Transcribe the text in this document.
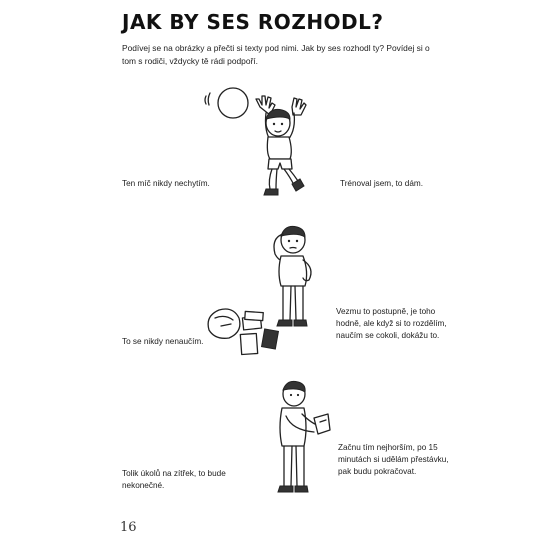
JAK BY SES ROZHODL?
Podívej se na obrázky a přečti si texty pod nimi. Jak by ses rozhodl ty? Povídej si o tom s rodiči, vždycky tě rádi podpoří.
Ten míč nikdy nechytím.	Trénoval jsem, to dám.
To se nikdy nenaučím.
Vezmu to postupně, je toho hodně, ale když si to rozdělím, naučím se cokoli, dokážu to.
Tolik úkolů na zítřek, to bude nekonečné.
Začnu tím nejhorším, po 15 minutách si udělám přestávku, pak budu pokračovat.
16
